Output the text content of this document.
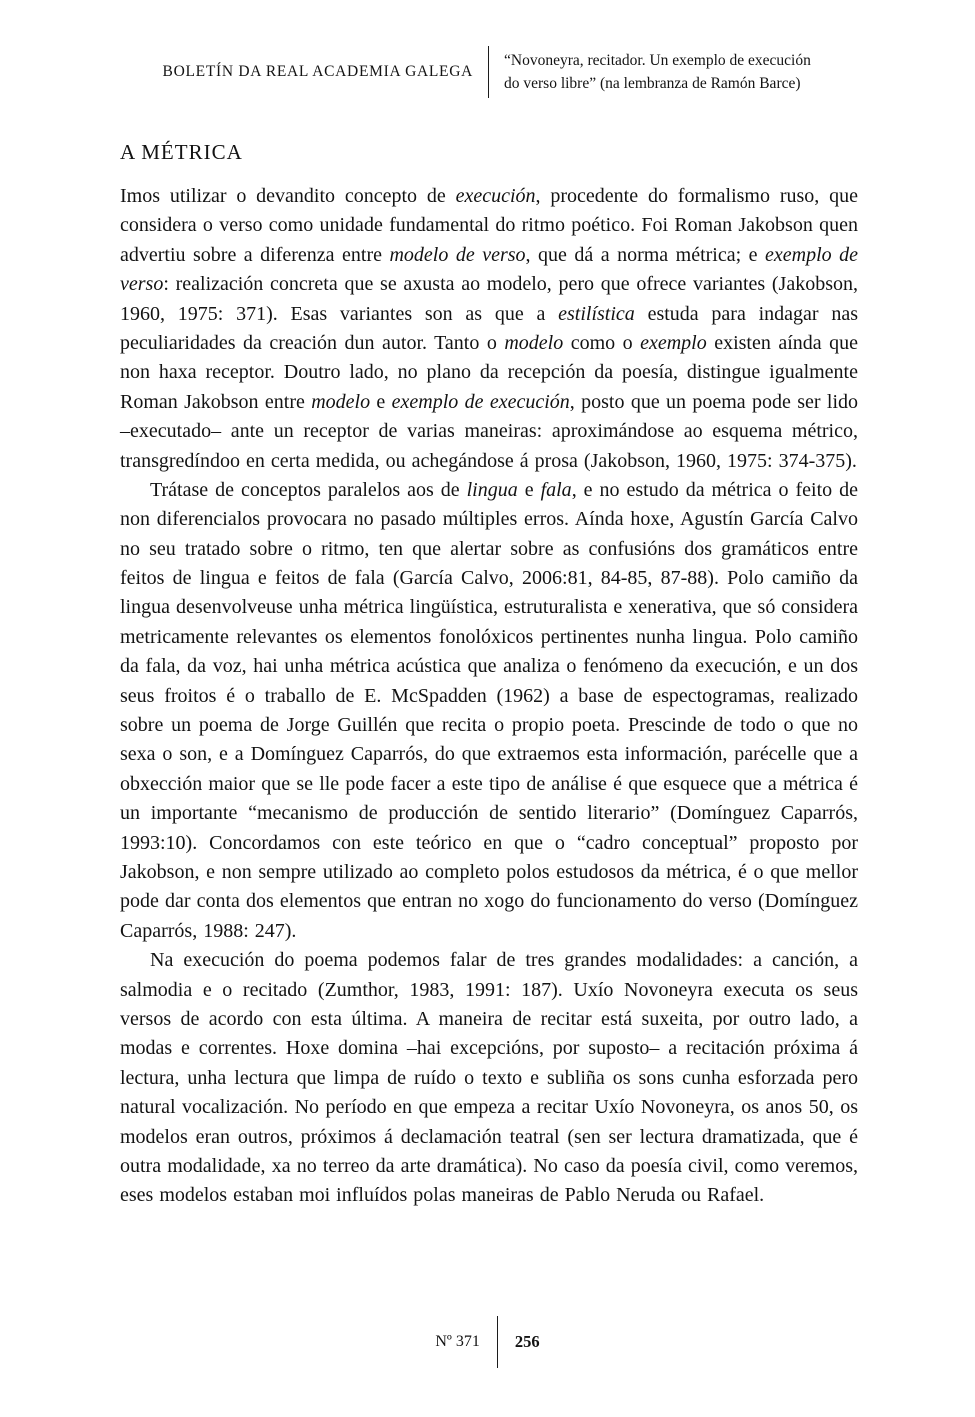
BOLETÍN DA REAL ACADEMIA GALEGA
“Novoneyra, recitador. Un exemplo de execución
do verso libre” (na lembranza de Ramón Barce)
A MÉTRICA

Imos utilizar o devandito concepto de execución, procedente do formalismo ruso, que considera o verso como unidade fundamental do ritmo poético. Foi Roman Jakobson quen advertiu sobre a diferenza entre modelo de verso, que dá a norma métrica; e exemplo de verso: realización concreta que se axusta ao modelo, pero que ofrece variantes (Jakobson, 1960, 1975: 371). Esas variantes son as que a estilística estuda para indagar nas peculiaridades da creación dun autor. Tanto o modelo como o exemplo existen aínda que non haxa receptor. Doutro lado, no plano da recepción da poesía, distingue igualmente Roman Jakobson entre modelo e exemplo de execución, posto que un poema pode ser lido –executado– ante un receptor de varias maneiras: aproximándose ao esquema métrico, transgredíndoo en certa medida, ou achegándose á prosa (Jakobson, 1960, 1975: 374-375).

Trátase de conceptos paralelos aos de lingua e fala, e no estudo da métrica o feito de non diferencialos provocara no pasado múltiples erros. Aínda hoxe, Agustín García Calvo no seu tratado sobre o ritmo, ten que alertar sobre as confusións dos gramáticos entre feitos de lingua e feitos de fala (García Calvo, 2006:81, 84-85, 87-88). Polo camiño da lingua desenvolveuse unha métrica lingüística, estruturalista e xenerativa, que só considera metricamente relevantes os elementos fonolóxicos pertinentes nunha lingua. Polo camiño da fala, da voz, hai unha métrica acústica que analiza o fenómeno da execución, e un dos seus froitos é o traballo de E. McSpadden (1962) a base de espectogramas, realizado sobre un poema de Jorge Guillén que recita o propio poeta. Prescinde de todo o que no sexa o son, e a Domínguez Caparrós, do que extraemos esta información, parécelle que a obxección maior que se lle pode facer a este tipo de análise é que esquece que a métrica é un importante “mecanismo de producción de sentido literario” (Domínguez Caparrós, 1993:10). Concordamos con este teórico en que o “cadro conceptual” proposto por Jakobson, e non sempre utilizado ao completo polos estudosos da métrica, é o que mellor pode dar conta dos elementos que entran no xogo do funcionamento do verso (Domínguez Caparrós, 1988: 247).

Na execución do poema podemos falar de tres grandes modalidades: a canción, a salmodia e o recitado (Zumthor, 1983, 1991: 187). Uxío Novoneyra executa os seus versos de acordo con esta última. A maneira de recitar está suxeita, por outro lado, a modas e correntes. Hoxe domina –hai excepcións, por suposto– a recitación próxima á lectura, unha lectura que limpa de ruído o texto e subliña os sons cunha esforzada pero natural vocalización. No período en que empeza a recitar Uxío Novoneyra, os anos 50, os modelos eran outros, próximos á declamación teatral (sen ser lectura dramatizada, que é outra modalidade, xa no terreo da arte dramática). No caso da poesía civil, como veremos, eses modelos estaban moi influídos polas maneiras de Pablo Neruda ou Rafael.

Nº 371	256
